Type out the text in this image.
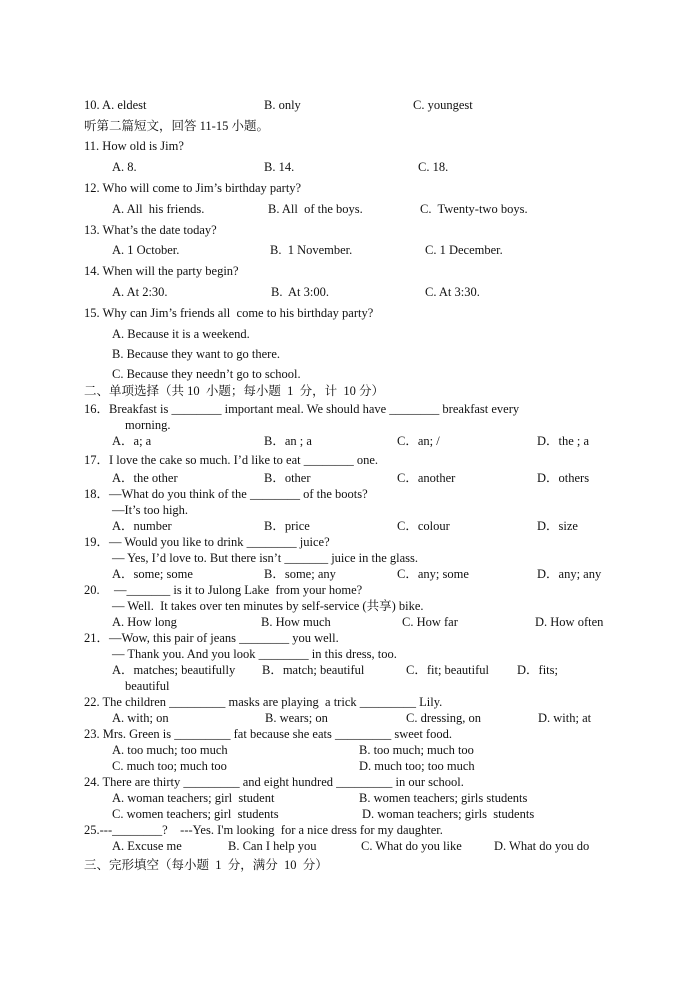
10. A. eldest	B. only	C. youngest
听第二篇短文，回答 11-15 小题。
11. How old is Jim?
A. 8.	B. 14.	C. 18.
12. Who will come to Jim’s birthday party?
A. All  his friends.	B. All  of the boys.	C.  Twenty-two boys.
13. What’s the date today?
A. 1 October.	B.  1 November.	C. 1 December.
14. When will the party begin?
A. At 2:30.	B.  At 3:00.	C. At 3:30.
15. Why can Jim’s friends all  come to his birthday party?
A. Because it is a weekend.
B. Because they want to go there.
C. Because they needn’t go to school.
二、单项选择（共 10  小题；每小题  1  分，计  10 分）
16．Breakfast is ________ important meal. We should have ________ breakfast every
morning.
A．a; a	B．an ; a	C．an; /	D．the ; a
17．I love the cake so much. I’d like to eat ________ one.
A．the other	B．other	C．another	D．others
18．—What do you think of the ________ of the boots?
—It’s too high.
A．number	B．price	C．colour	D．size
19．— Would you like to drink ________ juice?
— Yes, I’d love to. But there isn’t _______ juice in the glass.
A．some; some	B．some; any	C．any; some	D．any; any
20. —_______ is it to Julong Lake  from your home?
— Well.  It takes over ten minutes by self-service (共享) bike.
A. How long	B. How much	C. How far	D. How often
21．—Wow, this pair of jeans ________ you well.
— Thank you. And you look ________ in this dress, too.
A．matches; beautifully B．match; beautiful	C．fit; beautiful D．fits;
beautiful
22. The children _________ masks are playing  a trick _________ Lily.
A. with; on	B. wears; on	C. dressing, on	D. with; at
23. Mrs. Green is _________ fat because she eats _________ sweet food.
A. too much; too much	B. too much; much too
C. much too; much too	D. much too; too much
24. There are thirty _________ and eight hundred _________ in our school.
A. woman teachers; girl  student	B. women teachers; girls students
C. women teachers; girl  students	D. woman teachers; girls  students
25.---________?    ---Yes. I'm looking  for a nice dress for my daughter.
A. Excuse me	B. Can I help you	C. What do you like	D. What do you do
三、完形填空（每小题  1  分，满分  10  分）
